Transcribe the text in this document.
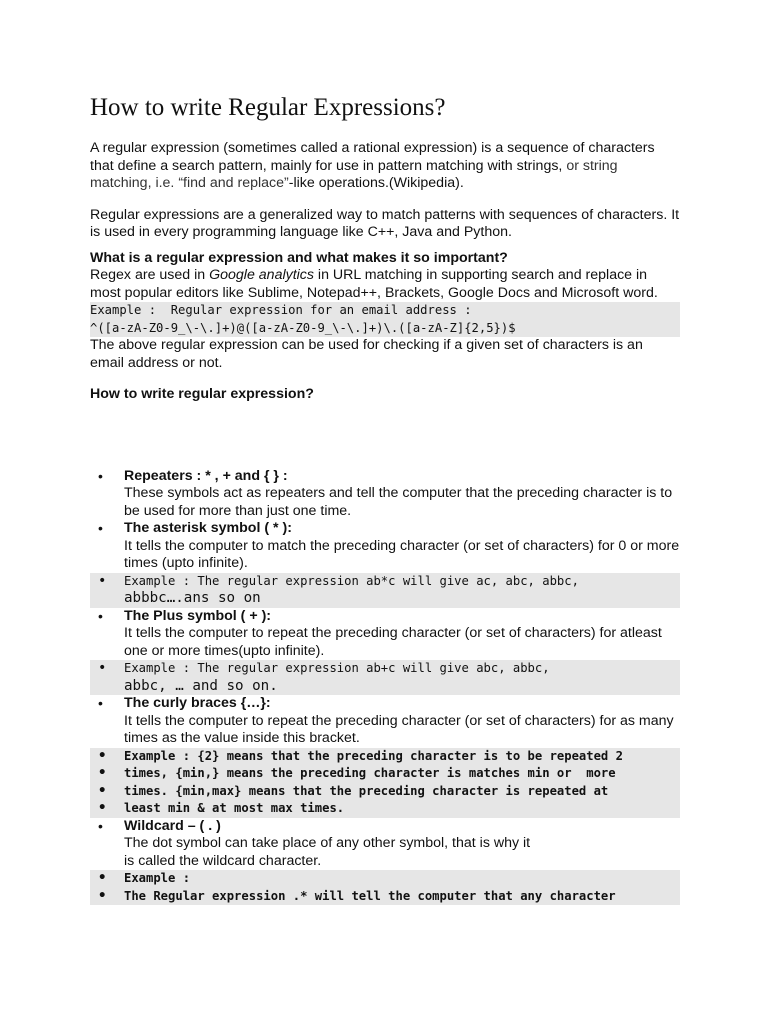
How to write Regular Expressions?

A regular expression (sometimes called a rational expression) is a sequence of characters that define a search pattern, mainly for use in pattern matching with strings, or string matching, i.e. “find and replace”-like operations.(Wikipedia).

Regular expressions are a generalized way to match patterns with sequences of characters. It is used in every programming language like C++, Java and Python.

What is a regular expression and what makes it so important?

Regex are used in Google analytics in URL matching in supporting search and replace in most popular editors like Sublime, Notepad++, Brackets, Google Docs and Microsoft word.

Example :  Regular expression for an email address :
^([a-zA-Z0-9_\-\.]+)@([a-zA-Z0-9_\-\.]+)\.([a-zA-Z]{2,5})$

The above regular expression can be used for checking if a given set of characters is an email address or not.

How to write regular expression?

• Repeaters : * , + and { } :
These symbols act as repeaters and tell the computer that the preceding character is to be used for more than just one time.
• The asterisk symbol ( * ):
It tells the computer to match the preceding character (or set of characters) for 0 or more times (upto infinite).
• Example : The regular expression ab*c will give ac, abc, abbc,
abbbc….ans so on
• The Plus symbol ( + ):
It tells the computer to repeat the preceding character (or set of characters) for atleast one or more times(upto infinite).
• Example : The regular expression ab+c will give abc, abbc,
abbc, … and so on.
• The curly braces {…}:
It tells the computer to repeat the preceding character (or set of characters) for as many times as the value inside this bracket.
• Example : {2} means that the preceding character is to be repeated 2
• times, {min,} means the preceding character is matches min or  more
• times. {min,max} means that the preceding character is repeated at
• least min & at most max times.
• Wildcard – ( . )
The dot symbol can take place of any other symbol, that is why it
is called the wildcard character.
• Example :
• The Regular expression .* will tell the computer that any character
